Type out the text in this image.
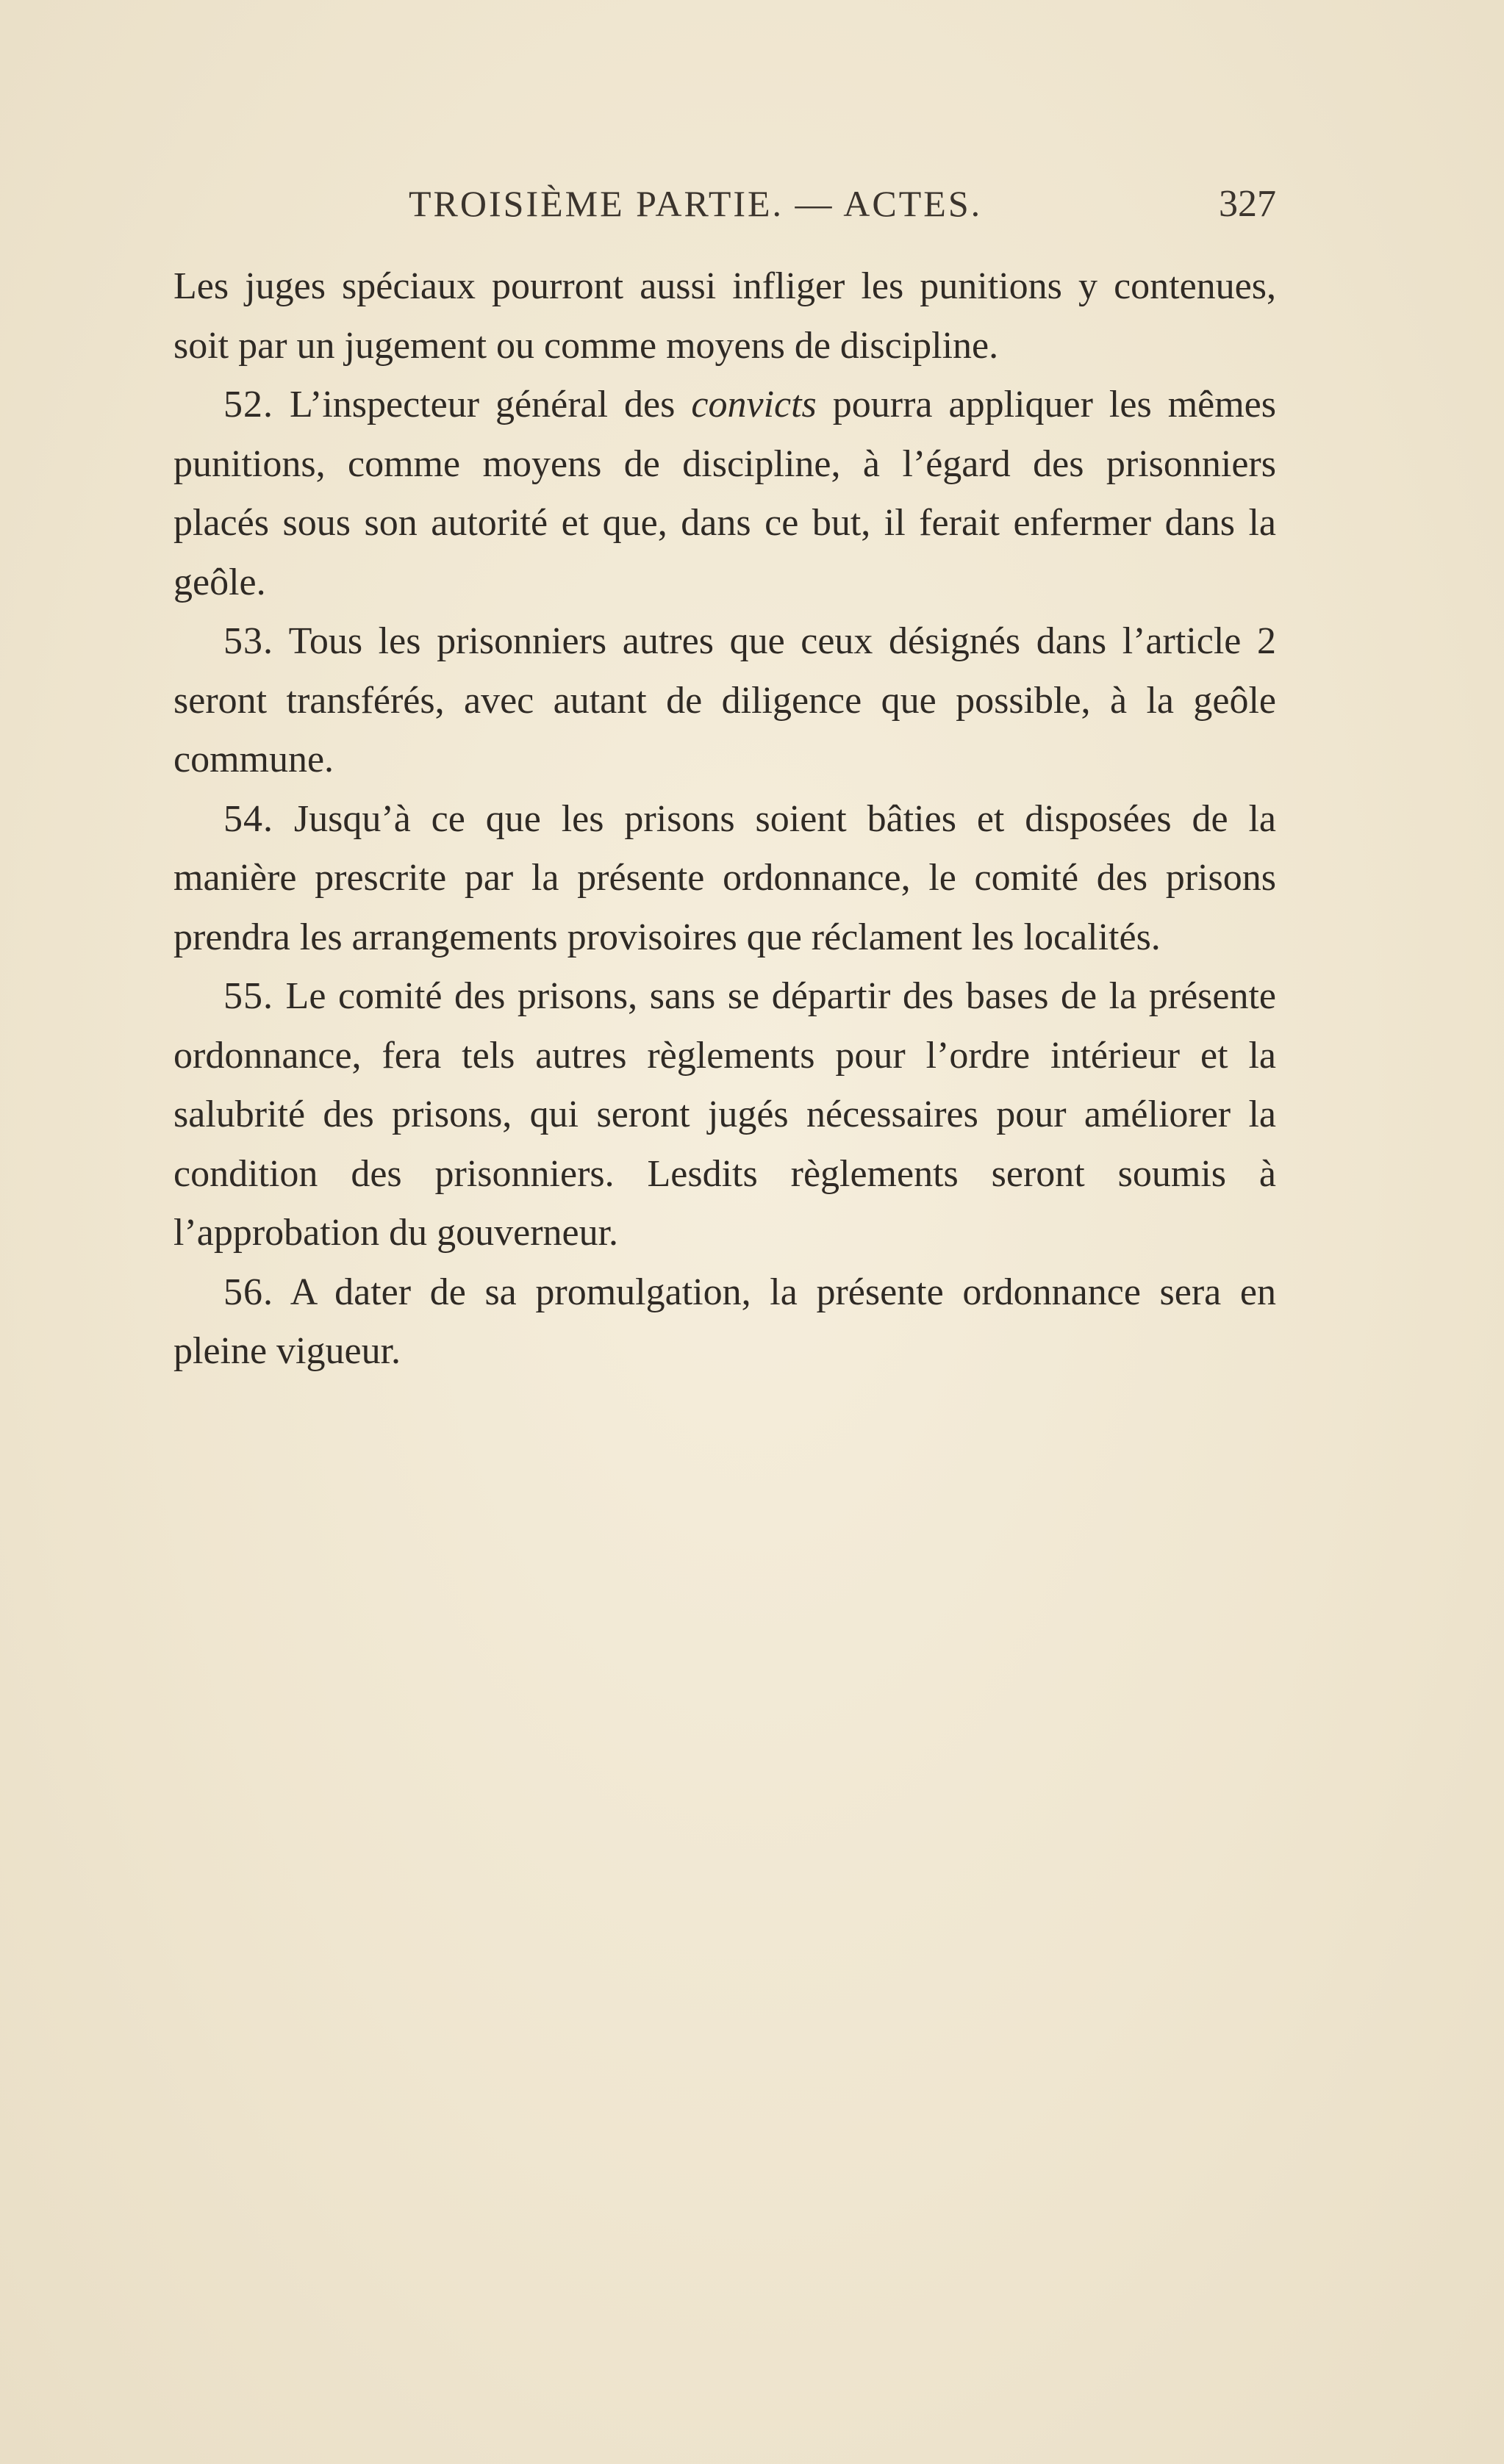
TROISIÈME PARTIE. — ACTES.	327

Les juges spéciaux pourront aussi infliger les punitions y contenues, soit par un jugement ou comme moyens de discipline.

52. L’inspecteur général des convicts pourra appliquer les mêmes punitions, comme moyens de discipline, à l’égard des prisonniers placés sous son autorité et que, dans ce but, il ferait enfermer dans la geôle.

53. Tous les prisonniers autres que ceux désignés dans l’article 2 seront transférés, avec autant de diligence que possible, à la geôle commune.

54. Jusqu’à ce que les prisons soient bâties et disposées de la manière prescrite par la présente ordonnance, le comité des prisons prendra les arrangements provisoires que réclament les localités.

55. Le comité des prisons, sans se départir des bases de la présente ordonnance, fera tels autres règlements pour l’ordre intérieur et la salubrité des prisons, qui seront jugés nécessaires pour améliorer la condition des prisonniers. Lesdits règlements seront soumis à l’approbation du gouverneur.

56. A dater de sa promulgation, la présente ordonnance sera en pleine vigueur.
